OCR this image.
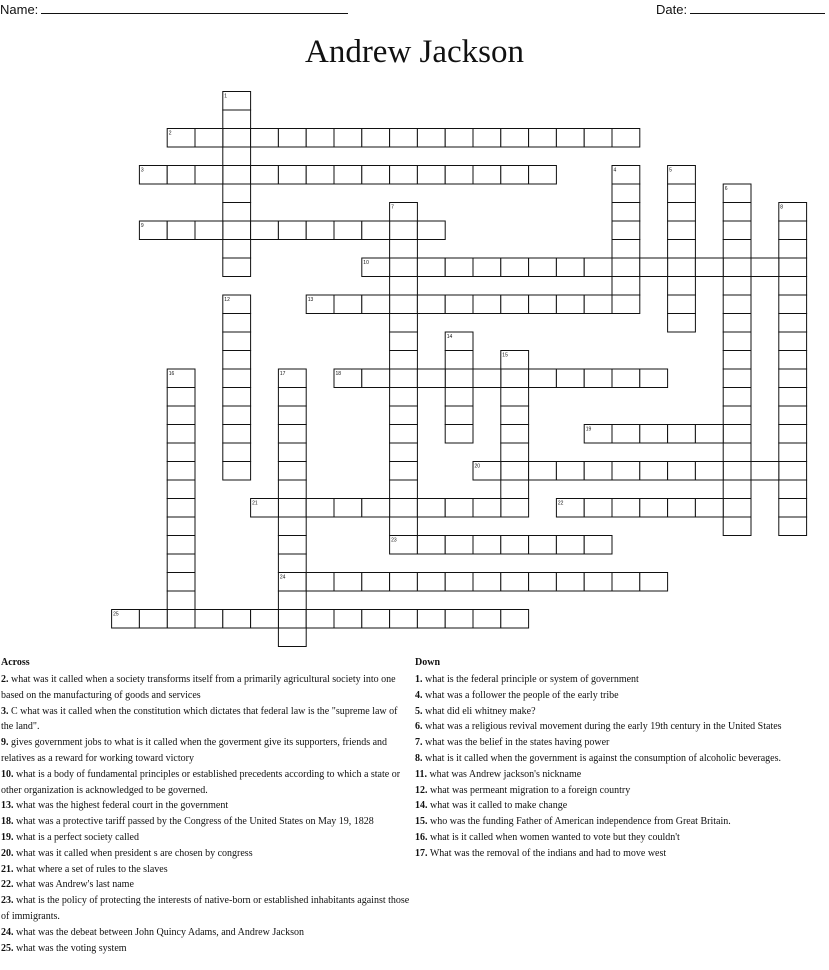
Name:	Date:
Andrew Jackson
1
2
3	4	5
6
7	8
9
10
12	13
14
15
16	17	18
19
20
21	22
23
24
25
Across	Down
2. what was it called when a society transforms itself from a primarily agricultural society into one based on the manufacturing of goods and services
3. C what was it called when the constitution which dictates that federal law is the "supreme law of the land".
9. gives government jobs to what is it called when the goverment give its supporters, friends and relatives as a reward for working toward victory
10. what is a body of fundamental principles or established precedents according to which a state or other organization is acknowledged to be governed.
13. what was the highest federal court in the government
18. what was a protective tariff passed by the Congress of the United States on May 19, 1828
19. what is a perfect society called
20. what was it called when president s are chosen by congress
21. what where a set of rules to the slaves
22. what was Andrew's last name
23. what is the policy of protecting the interests of native-born or established inhabitants against those of immigrants.
24. what was the debeat between John Quincy Adams, and Andrew Jackson
25. what was the voting system
1. what is the federal principle or system of government
4. what was a follower the people of the early tribe
5. what did eli whitney make?
6. what was a religious revival movement during the early 19th century in the United States
7. what was the belief in the states having power
8. what is it called when the government is against the consumption of alcoholic beverages.
11. what was Andrew jackson's nickname
12. what was permeant migration to a foreign country
14. what was it called to make change
15. who was the funding Father of American independence from Great Britain.
16. what is it called when women wanted to vote but they couldn't
17. What was the removal of the indians and had to move west
